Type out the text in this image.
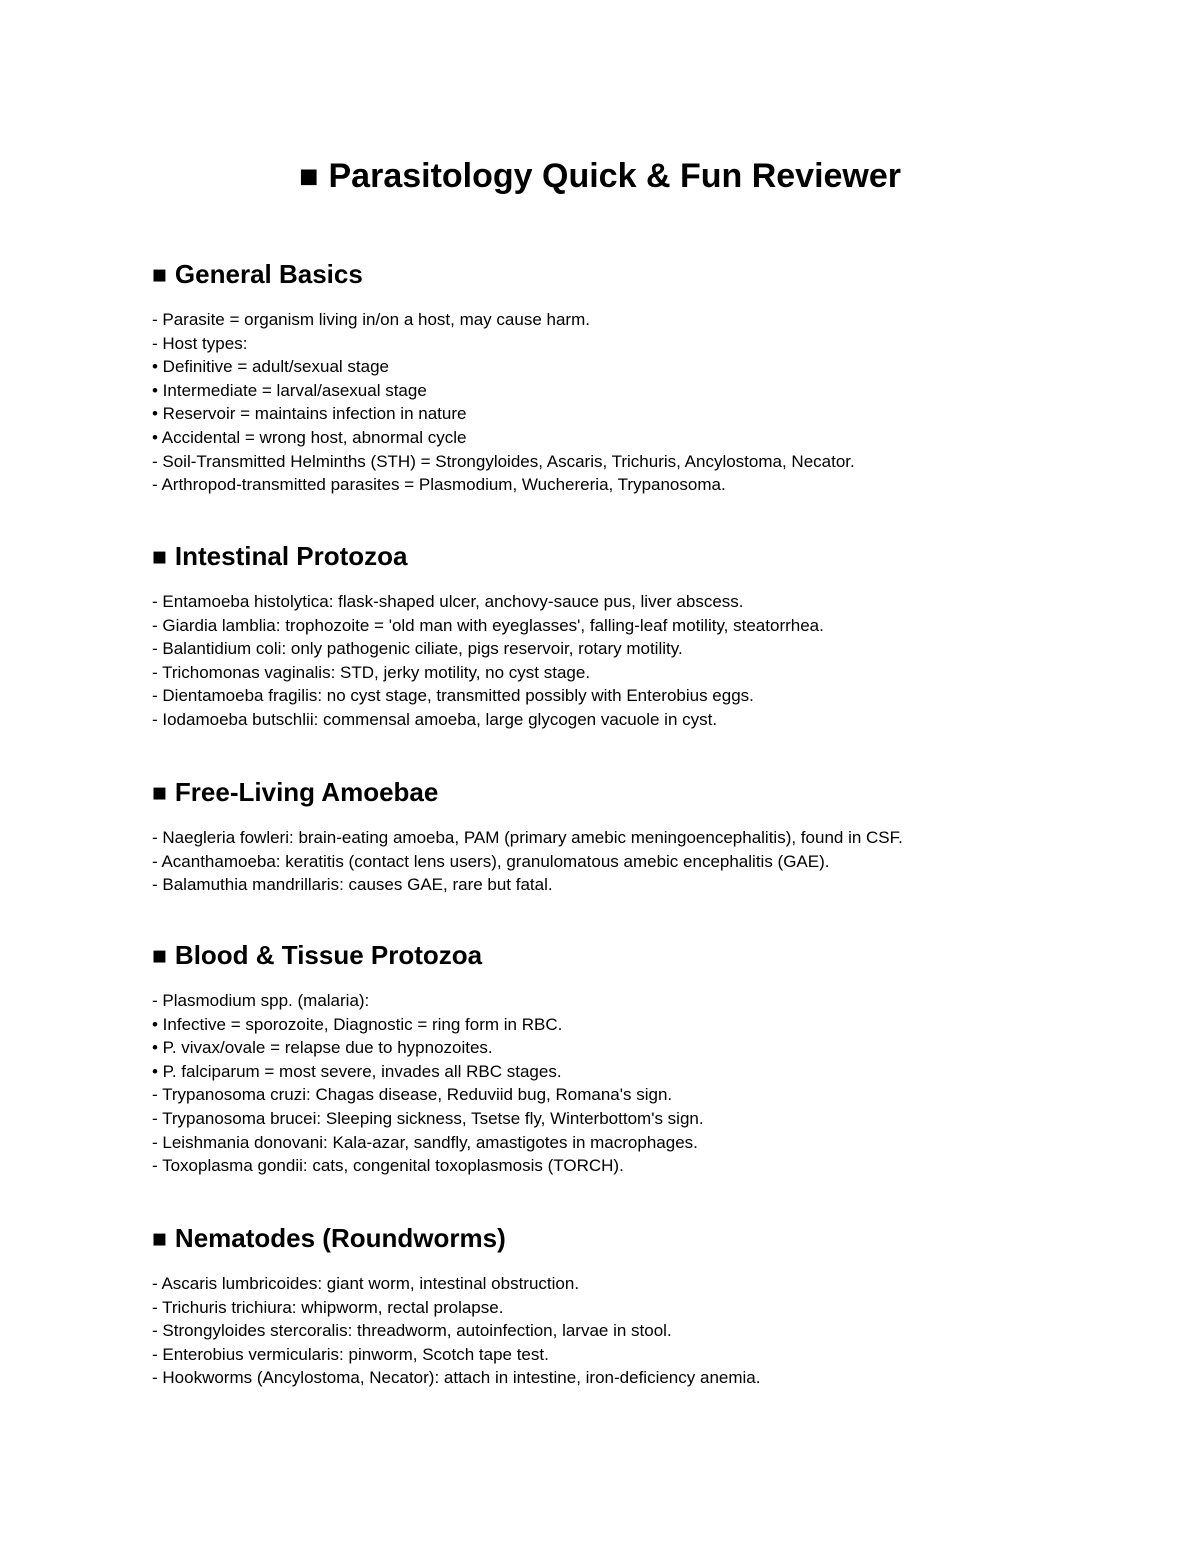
■ Parasitology Quick & Fun Reviewer
■ General Basics
- Parasite = organism living in/on a host, may cause harm.
- Host types:
• Definitive = adult/sexual stage
• Intermediate = larval/asexual stage
• Reservoir = maintains infection in nature
• Accidental = wrong host, abnormal cycle
- Soil-Transmitted Helminths (STH) = Strongyloides, Ascaris, Trichuris, Ancylostoma, Necator.
- Arthropod-transmitted parasites = Plasmodium, Wuchereria, Trypanosoma.
■ Intestinal Protozoa
- Entamoeba histolytica: flask-shaped ulcer, anchovy-sauce pus, liver abscess.
- Giardia lamblia: trophozoite = 'old man with eyeglasses', falling-leaf motility, steatorrhea.
- Balantidium coli: only pathogenic ciliate, pigs reservoir, rotary motility.
- Trichomonas vaginalis: STD, jerky motility, no cyst stage.
- Dientamoeba fragilis: no cyst stage, transmitted possibly with Enterobius eggs.
- Iodamoeba butschlii: commensal amoeba, large glycogen vacuole in cyst.
■ Free-Living Amoebae
- Naegleria fowleri: brain-eating amoeba, PAM (primary amebic meningoencephalitis), found in CSF.
- Acanthamoeba: keratitis (contact lens users), granulomatous amebic encephalitis (GAE).
- Balamuthia mandrillaris: causes GAE, rare but fatal.
■ Blood & Tissue Protozoa
- Plasmodium spp. (malaria):
• Infective = sporozoite, Diagnostic = ring form in RBC.
• P. vivax/ovale = relapse due to hypnozoites.
• P. falciparum = most severe, invades all RBC stages.
- Trypanosoma cruzi: Chagas disease, Reduviid bug, Romana's sign.
- Trypanosoma brucei: Sleeping sickness, Tsetse fly, Winterbottom's sign.
- Leishmania donovani: Kala-azar, sandfly, amastigotes in macrophages.
- Toxoplasma gondii: cats, congenital toxoplasmosis (TORCH).
■ Nematodes (Roundworms)
- Ascaris lumbricoides: giant worm, intestinal obstruction.
- Trichuris trichiura: whipworm, rectal prolapse.
- Strongyloides stercoralis: threadworm, autoinfection, larvae in stool.
- Enterobius vermicularis: pinworm, Scotch tape test.
- Hookworms (Ancylostoma, Necator): attach in intestine, iron-deficiency anemia.
